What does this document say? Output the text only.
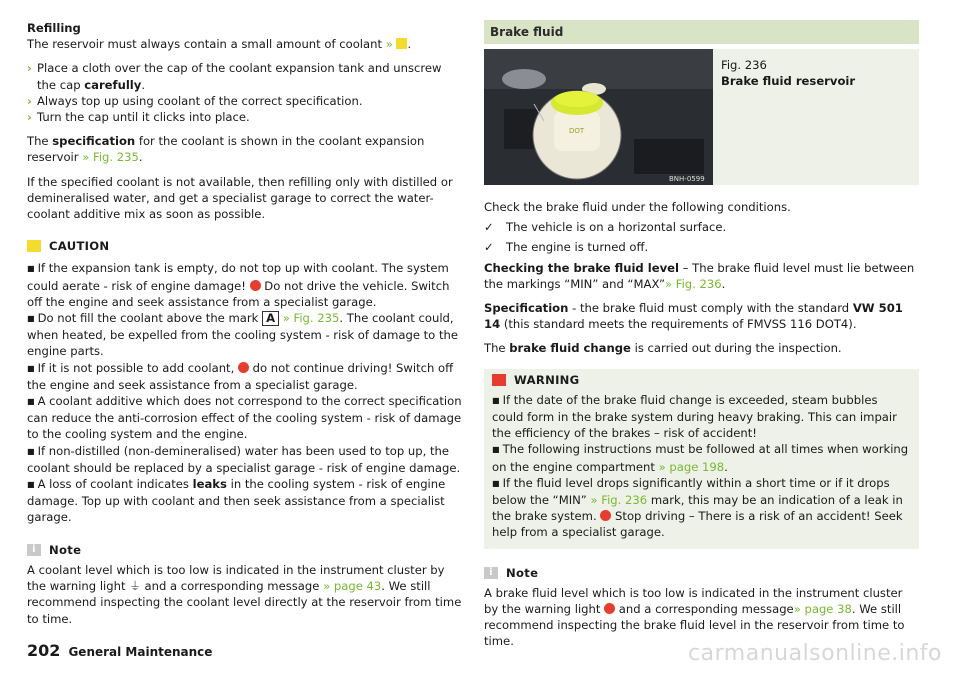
Refilling

The reservoir must always contain a small amount of coolant » .

› Place a cloth over the cap of the coolant expansion tank and unscrew the cap carefully.

› Always top up using coolant of the correct specification.

› Turn the cap until it clicks into place.

The specification for the coolant is shown in the coolant expansion reservoir » Fig. 235.

If the specified coolant is not available, then refilling only with distilled or demineralised water, and get a specialist garage to correct the water-coolant additive mix as soon as possible.

CAUTION

■ If the expansion tank is empty, do not top up with coolant. The system could aerate - risk of engine damage!  Do not drive the vehicle. Switch off the engine and seek assistance from a specialist garage.

■ Do not fill the coolant above the mark A » Fig. 235. The coolant could, when heated, be expelled from the cooling system - risk of damage to the engine parts.

■ If it is not possible to add coolant,  do not continue driving! Switch off the engine and seek assistance from a specialist garage.

■ A coolant additive which does not correspond to the correct specification can reduce the anti-corrosion effect of the cooling system - risk of damage to the cooling system and the engine.

■ If non-distilled (non-demineralised) water has been used to top up, the coolant should be replaced by a specialist garage - risk of engine damage.

■ A loss of coolant indicates leaks in the cooling system - risk of engine damage. Top up with coolant and then seek assistance from a specialist garage.

i	Note

A coolant level which is too low is indicated in the instrument cluster by the warning light ⏚ and a corresponding message » page 43. We still recommend inspecting the coolant level directly at the reservoir from time to time.

Brake fluid
DOT
BNH-0599

Fig. 236

Brake fluid reservoir

Check the brake fluid under the following conditions.

✓ The vehicle is on a horizontal surface.

✓ The engine is turned off.

Checking the brake fluid level – The brake fluid level must lie between the markings “MIN” and “MAX”» Fig. 236.

Specification - the brake fluid must comply with the standard VW 501 14 (this standard meets the requirements of FMVSS 116 DOT4).

The brake fluid change is carried out during the inspection.

WARNING

■ If the date of the brake fluid change is exceeded, steam bubbles could form in the brake system during heavy braking. This can impair the efficiency of the brakes – risk of accident!

■ The following instructions must be followed at all times when working on the engine compartment » page 198.

■ If the fluid level drops significantly within a short time or if it drops below the “MIN” » Fig. 236 mark, this may be an indication of a leak in the brake system.  Stop driving – There is a risk of an accident! Seek help from a specialist garage.

i	Note

A brake fluid level which is too low is indicated in the instrument cluster by the warning light  and a corresponding message» page 38. We still recommend inspecting the brake fluid level in the reservoir from time to time.

202 General Maintenance	carmanualsonline.info
